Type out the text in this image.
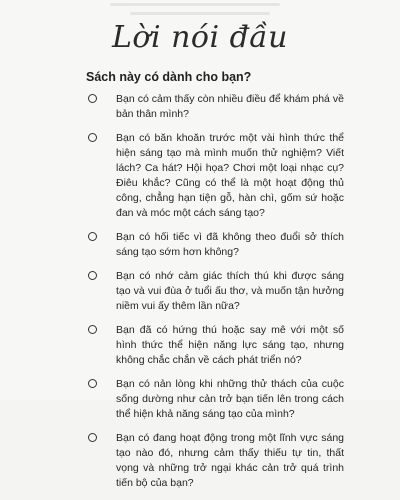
Lời nói đầu
Sách này có dành cho bạn?
Bạn có cảm thấy còn nhiều điều để khám phá về bản thân mình?
Bạn có băn khoăn trước một vài hình thức thể hiện sáng tạo mà mình muốn thử nghiệm? Viết lách? Ca hát? Hội họa? Chơi một loại nhạc cụ? Điêu khắc? Cũng có thể là một hoạt động thủ công, chẳng hạn tiện gỗ, hàn chì, gốm sứ hoặc đan và móc một cách sáng tạo?
Bạn có hối tiếc vì đã không theo đuổi sở thích sáng tạo sớm hơn không?
Bạn có nhớ cảm giác thích thú khi được sáng tạo và vui đùa ở tuổi ấu thơ, và muốn tận hưởng niềm vui ấy thêm lần nữa?
Bạn đã có hứng thú hoặc say mê với một số hình thức thể hiện năng lực sáng tạo, nhưng không chắc chắn về cách phát triển nó?
Bạn có nản lòng khi những thử thách của cuộc sống dường như cản trở bạn tiến lên trong cách thể hiện khả năng sáng tạo của mình?
Bạn có đang hoạt động trong một lĩnh vực sáng tạo nào đó, nhưng cảm thấy thiếu tự tin, thất vọng và những trở ngại khác cản trở quá trình tiến bộ của bạn?
